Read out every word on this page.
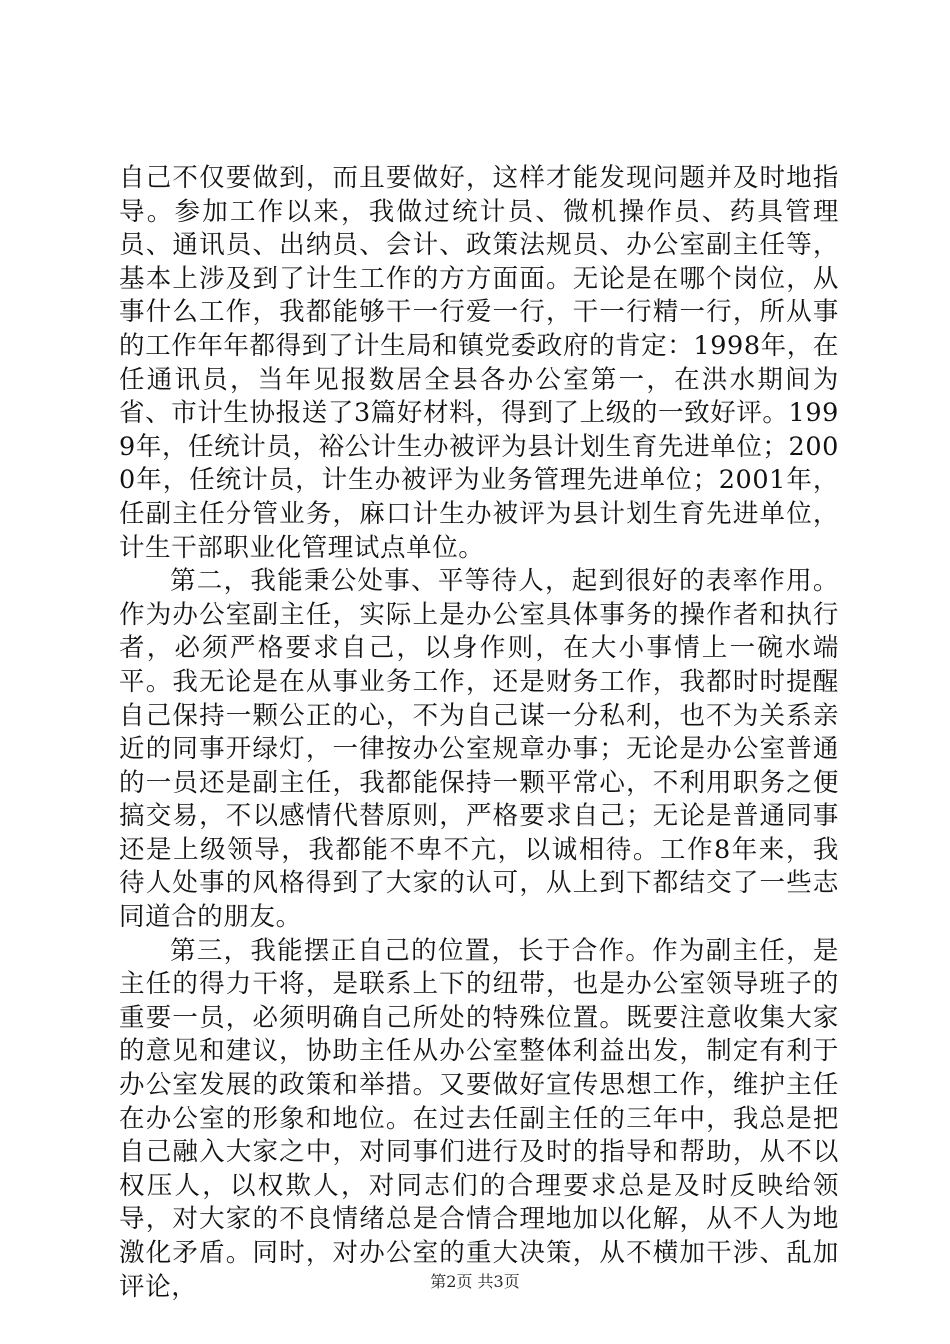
自己不仅要做到，而且要做好，这样才能发现问题并及时地指导。参加工作以来，我做过统计员、微机操作员、药具管理员、通讯员、出纳员、会计、政策法规员、办公室副主任等，基本上涉及到了计生工作的方方面面。无论是在哪个岗位，从事什么工作，我都能够干一行爱一行，干一行精一行，所从事的工作年年都得到了计生局和镇党委政府的肯定：1998年，在任通讯员，当年见报数居全县各办公室第一，在洪水期间为省、市计生协报送了3篇好材料，得到了上级的一致好评。1999年，任统计员，裕公计生办被评为县计划生育先进单位；2000年，任统计员，计生办被评为业务管理先进单位；2001年，任副主任分管业务，麻口计生办被评为县计划生育先进单位，计生干部职业化管理试点单位。

第二，我能秉公处事、平等待人，起到很好的表率作用。作为办公室副主任，实际上是办公室具体事务的操作者和执行者，必须严格要求自己，以身作则，在大小事情上一碗水端平。我无论是在从事业务工作，还是财务工作，我都时时提醒自己保持一颗公正的心，不为自己谋一分私利，也不为关系亲近的同事开绿灯，一律按办公室规章办事；无论是办公室普通的一员还是副主任，我都能保持一颗平常心，不利用职务之便搞交易，不以感情代替原则，严格要求自己；无论是普通同事还是上级领导，我都能不卑不亢，以诚相待。工作8年来，我待人处事的风格得到了大家的认可，从上到下都结交了一些志同道合的朋友。

第三，我能摆正自己的位置，长于合作。作为副主任，是主任的得力干将，是联系上下的纽带，也是办公室领导班子的重要一员，必须明确自己所处的特殊位置。既要注意收集大家的意见和建议，协助主任从办公室整体利益出发，制定有利于办公室发展的政策和举措。又要做好宣传思想工作，维护主任在办公室的形象和地位。在过去任副主任的三年中，我总是把自己融入大家之中，对同事们进行及时的指导和帮助，从不以权压人，以权欺人，对同志们的合理要求总是及时反映给领导，对大家的不良情绪总是合情合理地加以化解，从不人为地激化矛盾。同时，对办公室的重大决策，从不横加干涉、乱加评论，	第2页 共3页
